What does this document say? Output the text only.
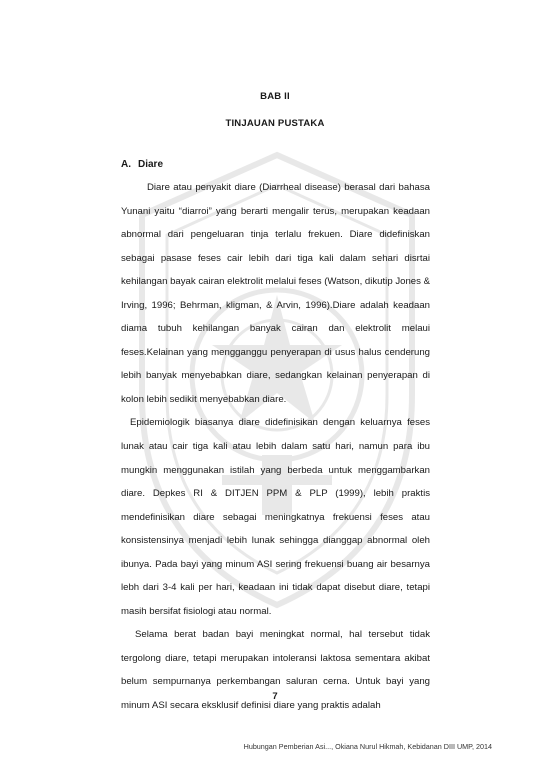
BAB II
TINJAUAN PUSTAKA
A. Diare

Diare atau penyakit diare (Diarrheal disease) berasal dari bahasa Yunani yaitu “diarroi” yang berarti mengalir terus, merupakan keadaan abnormal dari pengeluaran tinja terlalu frekuen. Diare didefiniskan sebagai pasase feses cair lebih dari tiga kali dalam sehari disrtai kehilangan bayak cairan elektrolit melalui feses (Watson, dikutip Jones & Irving, 1996; Behrman, kligman, & Arvin, 1996).Diare adalah keadaan diama tubuh kehilangan banyak cairan dan elektrolit melaui feses.Kelainan yang mengganggu penyerapan di usus halus cenderung lebih banyak menyebabkan diare, sedangkan kelainan penyerapan di kolon lebih sedikit menyebabkan diare.

Epidemiologik biasanya diare didefinisikan dengan keluarnya feses lunak atau cair tiga kali atau lebih dalam satu hari, namun para ibu mungkin menggunakan istilah yang berbeda untuk menggambarkan diare. Depkes RI & DITJEN PPM & PLP (1999), lebih praktis mendefinisikan diare sebagai meningkatnya frekuensi feses atau konsistensinya menjadi lebih lunak sehingga dianggap abnormal oleh ibunya. Pada bayi yang minum ASI sering frekuensi buang air besarnya lebh dari 3-4 kali per hari, keadaan ini tidak dapat disebut diare, tetapi masih bersifat fisiologi atau normal.

Selama berat badan bayi meningkat normal, hal tersebut tidak tergolong diare, tetapi merupakan intoleransi laktosa sementara akibat belum sempurnanya perkembangan saluran cerna. Untuk bayi yang minum ASI secara eksklusif definisi diare yang praktis adalah

7
Hubungan Pemberian Asi..., Okiana Nurul Hikmah, Kebidanan DIII UMP, 2014
